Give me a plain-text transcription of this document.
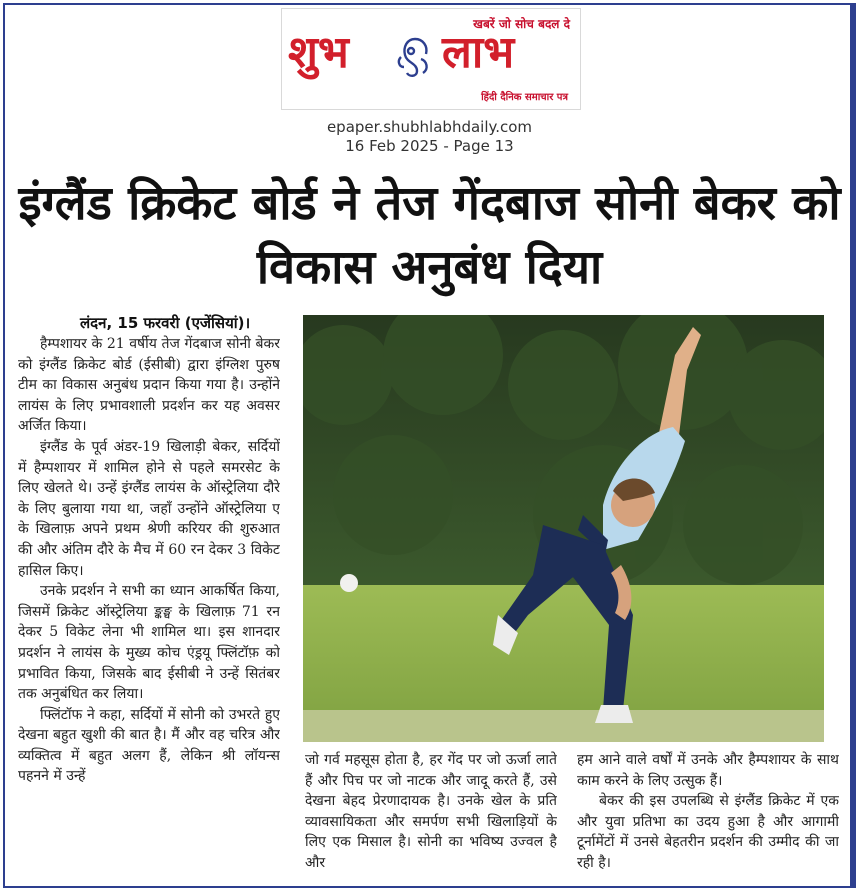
खबरें जो सोच बदल दे
शुभ लाभ
हिंदी दैनिक समाचार पत्र
epaper.shubhlabhdaily.com
16 Feb 2025 - Page 13
इंग्लैंड क्रिकेट बोर्ड ने तेज गेंदबाज सोनी बेकर को विकास अनुबंध दिया
लंदन, 15 फरवरी (एजेंसियां)।

हैम्पशायर के 21 वर्षीय तेज गेंदबाज सोनी बेकर को इंग्लैंड क्रिकेट बोर्ड (ईसीबी) द्वारा इंग्लिश पुरुष टीम का विकास अनुबंध प्रदान किया गया है। उन्होंने लायंस के लिए प्रभावशाली प्रदर्शन कर यह अवसर अर्जित किया।

इंग्लैंड के पूर्व अंडर-19 खिलाड़ी बेकर, सर्दियों में हैम्पशायर में शामिल होने से पहले समरसेट के लिए खेलते थे। उन्हें इंग्लैंड लायंस के ऑस्ट्रेलिया दौरे के लिए बुलाया गया था, जहाँ उन्होंने ऑस्ट्रेलिया ए के खिलाफ़ अपने प्रथम श्रेणी करियर की शुरुआत की और अंतिम दौरे के मैच में 60 रन देकर 3 विकेट हासिल किए।

उनके प्रदर्शन ने सभी का ध्यान आकर्षित किया, जिसमें क्रिकेट ऑस्ट्रेलिया ङ्कङ्घ के खिलाफ़ 71 रन देकर 5 विकेट लेना भी शामिल था। इस शानदार प्रदर्शन ने लायंस के मुख्य कोच एंड्रयू फ्लिंटॉफ़ को प्रभावित किया, जिसके बाद ईसीबी ने उन्हें सितंबर तक अनुबंधित कर लिया।

फ्लिंटॉफ ने कहा, सर्दियों में सोनी को उभरते हुए देखना बहुत खुशी की बात है। मैं और वह चरित्र और व्यक्तित्व में बहुत अलग हैं, लेकिन श्री लॉयन्स पहनने में उन्हें

जो गर्व महसूस होता है, हर गेंद पर जो ऊर्जा लाते हैं और पिच पर जो नाटक और जादू करते हैं, उसे देखना बेहद प्रेरणादायक है। उनके खेल के प्रति व्यावसायिकता और समर्पण सभी खिलाड़ियों के लिए एक मिसाल है। सोनी का भविष्य उज्वल है और

हम आने वाले वर्षों में उनके और हैम्पशायर के साथ काम करने के लिए उत्सुक हैं।

बेकर की इस उपलब्धि से इंग्लैंड क्रिकेट में एक और युवा प्रतिभा का उदय हुआ है और आगामी टूर्नामेंटों में उनसे बेहतरीन प्रदर्शन की उम्मीद की जा रही है।
